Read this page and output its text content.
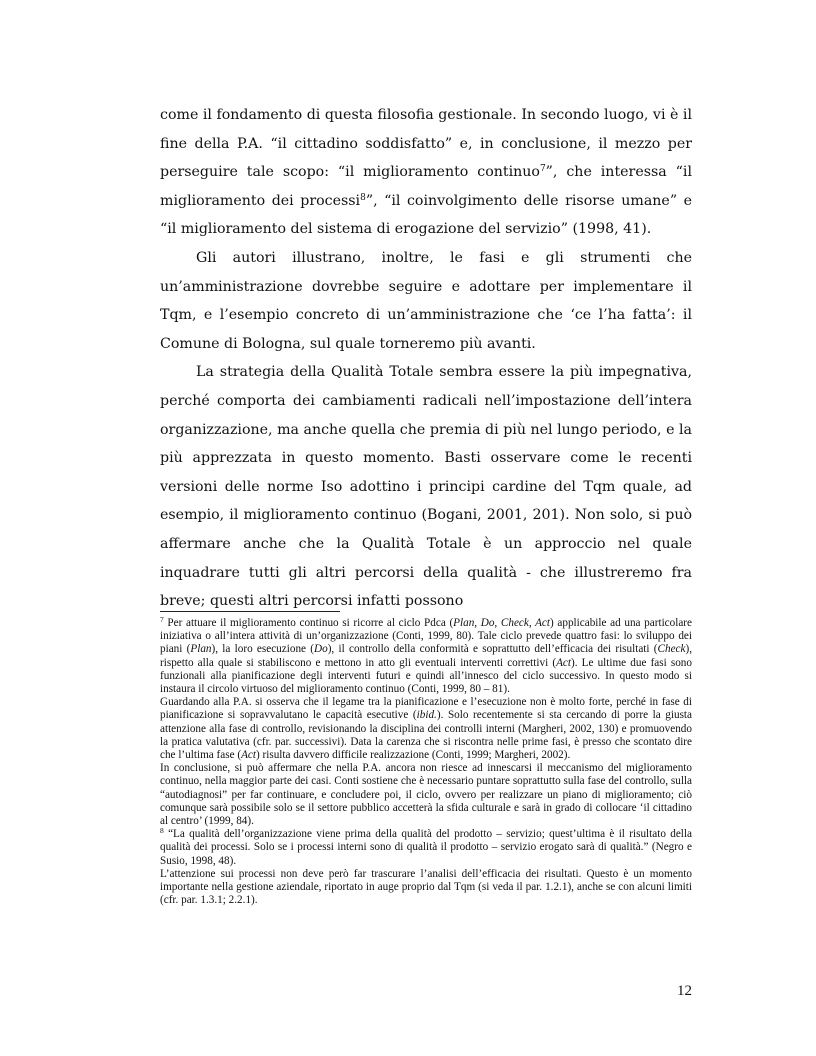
come il fondamento di questa filosofia gestionale. In secondo luogo, vi è il fine della P.A. “il cittadino soddisfatto” e, in conclusione, il mezzo per perseguire tale scopo: “il miglioramento continuo$^7$”, che interessa “il miglioramento dei processi$^8$”, “il coinvolgimento delle risorse umane” e “il miglioramento del sistema di erogazione del servizio” (1998, 41).

Gli autori illustrano, inoltre, le fasi e gli strumenti che un’amministrazione dovrebbe seguire e adottare per implementare il Tqm, e l’esempio concreto di un’amministrazione che ‘ce l’ha fatta’: il Comune di Bologna, sul quale torneremo più avanti.

La strategia della Qualità Totale sembra essere la più impegnativa, perché comporta dei cambiamenti radicali nell’impostazione dell’intera organizzazione, ma anche quella che premia di più nel lungo periodo, e la più apprezzata in questo momento. Basti osservare come le recenti versioni delle norme Iso adottino i principi cardine del Tqm quale, ad esempio, il miglioramento continuo (Bogani, 2001, 201). Non solo, si può affermare anche che la Qualità Totale è un approccio nel quale inquadrare tutti gli altri percorsi della qualità - che illustreremo fra breve; questi altri percorsi infatti possono

$^7$ Per attuare il miglioramento continuo si ricorre al ciclo Pdca (Plan, Do, Check, Act) applicabile ad una particolare iniziativa o all’intera attività di un’organizzazione (Conti, 1999, 80). Tale ciclo prevede quattro fasi: lo sviluppo dei piani (Plan), la loro esecuzione (Do), il controllo della conformità e soprattutto dell’efficacia dei risultati (Check), rispetto alla quale si stabiliscono e mettono in atto gli eventuali interventi correttivi (Act). Le ultime due fasi sono funzionali alla pianificazione degli interventi futuri e quindi all’innesco del ciclo successivo. In questo modo si instaura il circolo virtuoso del miglioramento continuo (Conti, 1999, 80 – 81).

Guardando alla P.A. si osserva che il legame tra la pianificazione e l’esecuzione non è molto forte, perché in fase di pianificazione si sopravvalutano le capacità esecutive (ibid.). Solo recentemente si sta cercando di porre la giusta attenzione alla fase di controllo, revisionando la disciplina dei controlli interni (Margheri, 2002, 130) e promuovendo la pratica valutativa (cfr. par. successivi). Data la carenza che si riscontra nelle prime fasi, è presso che scontato dire che l’ultima fase (Act) risulta davvero difficile realizzazione (Conti, 1999; Margheri, 2002).

In conclusione, si può affermare che nella P.A. ancora non riesce ad innescarsi il meccanismo del miglioramento continuo, nella maggior parte dei casi. Conti sostiene che è necessario puntare soprattutto sulla fase del controllo, sulla “autodiagnosi” per far continuare, e concludere poi, il ciclo, ovvero per realizzare un piano di miglioramento; ciò comunque sarà possibile solo se il settore pubblico accetterà la sfida culturale e sarà in grado di collocare ‘il cittadino al centro’ (1999, 84).

$^8$ “La qualità dell’organizzazione viene prima della qualità del prodotto – servizio; quest’ultima è il risultato della qualità dei processi. Solo se i processi interni sono di qualità il prodotto – servizio erogato sarà di qualità.” (Negro e Susio, 1998, 48).

L’attenzione sui processi non deve però far trascurare l’analisi dell’efficacia dei risultati. Questo è un momento importante nella gestione aziendale, riportato in auge proprio dal Tqm (si veda il par. 1.2.1), anche se con alcuni limiti (cfr. par. 1.3.1; 2.2.1).

12
